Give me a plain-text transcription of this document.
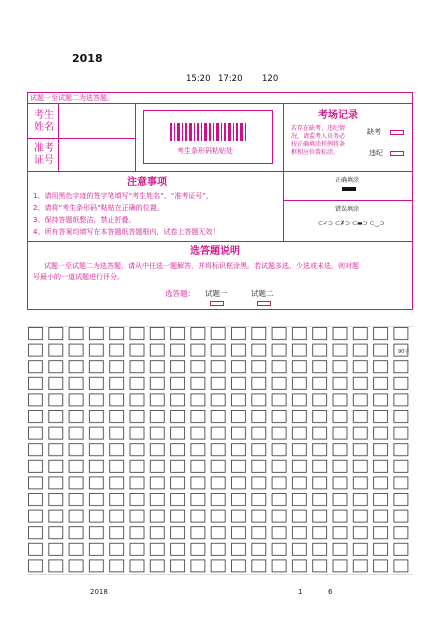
2018
15:20 17:20 120
试题一至试题二为选答题。
考生
姓名
准考
证号
考生条形码粘贴处
考场记录
若存在缺考、违纪情
况，请监考人员务必
按正确填涂样例将条
框相应位置标涂。
缺考
违纪
注意事项
1、请用黑色字迹的签字笔填写“考生姓名”、“准考证号”，
2、请将“考生条形码”粘贴在正确的位置。
3、保持答题纸整洁，禁止折叠。
4、所有答案均填写在本答题纸答题框内，试卷上答题无效！
正确填涂
错误填涂
⊂✓⊃ ⊂✗⊃ ⊂▬⊃ ⊂‿⊃
选答题说明
试题一至试题二为选答题，请从中任选一题解答，并将标识框涂黑。若试题多选、少选或未选，则对题
号最小的一道试题进行评分。
选答题： 试题一	试题二
90字
2018	1	6
